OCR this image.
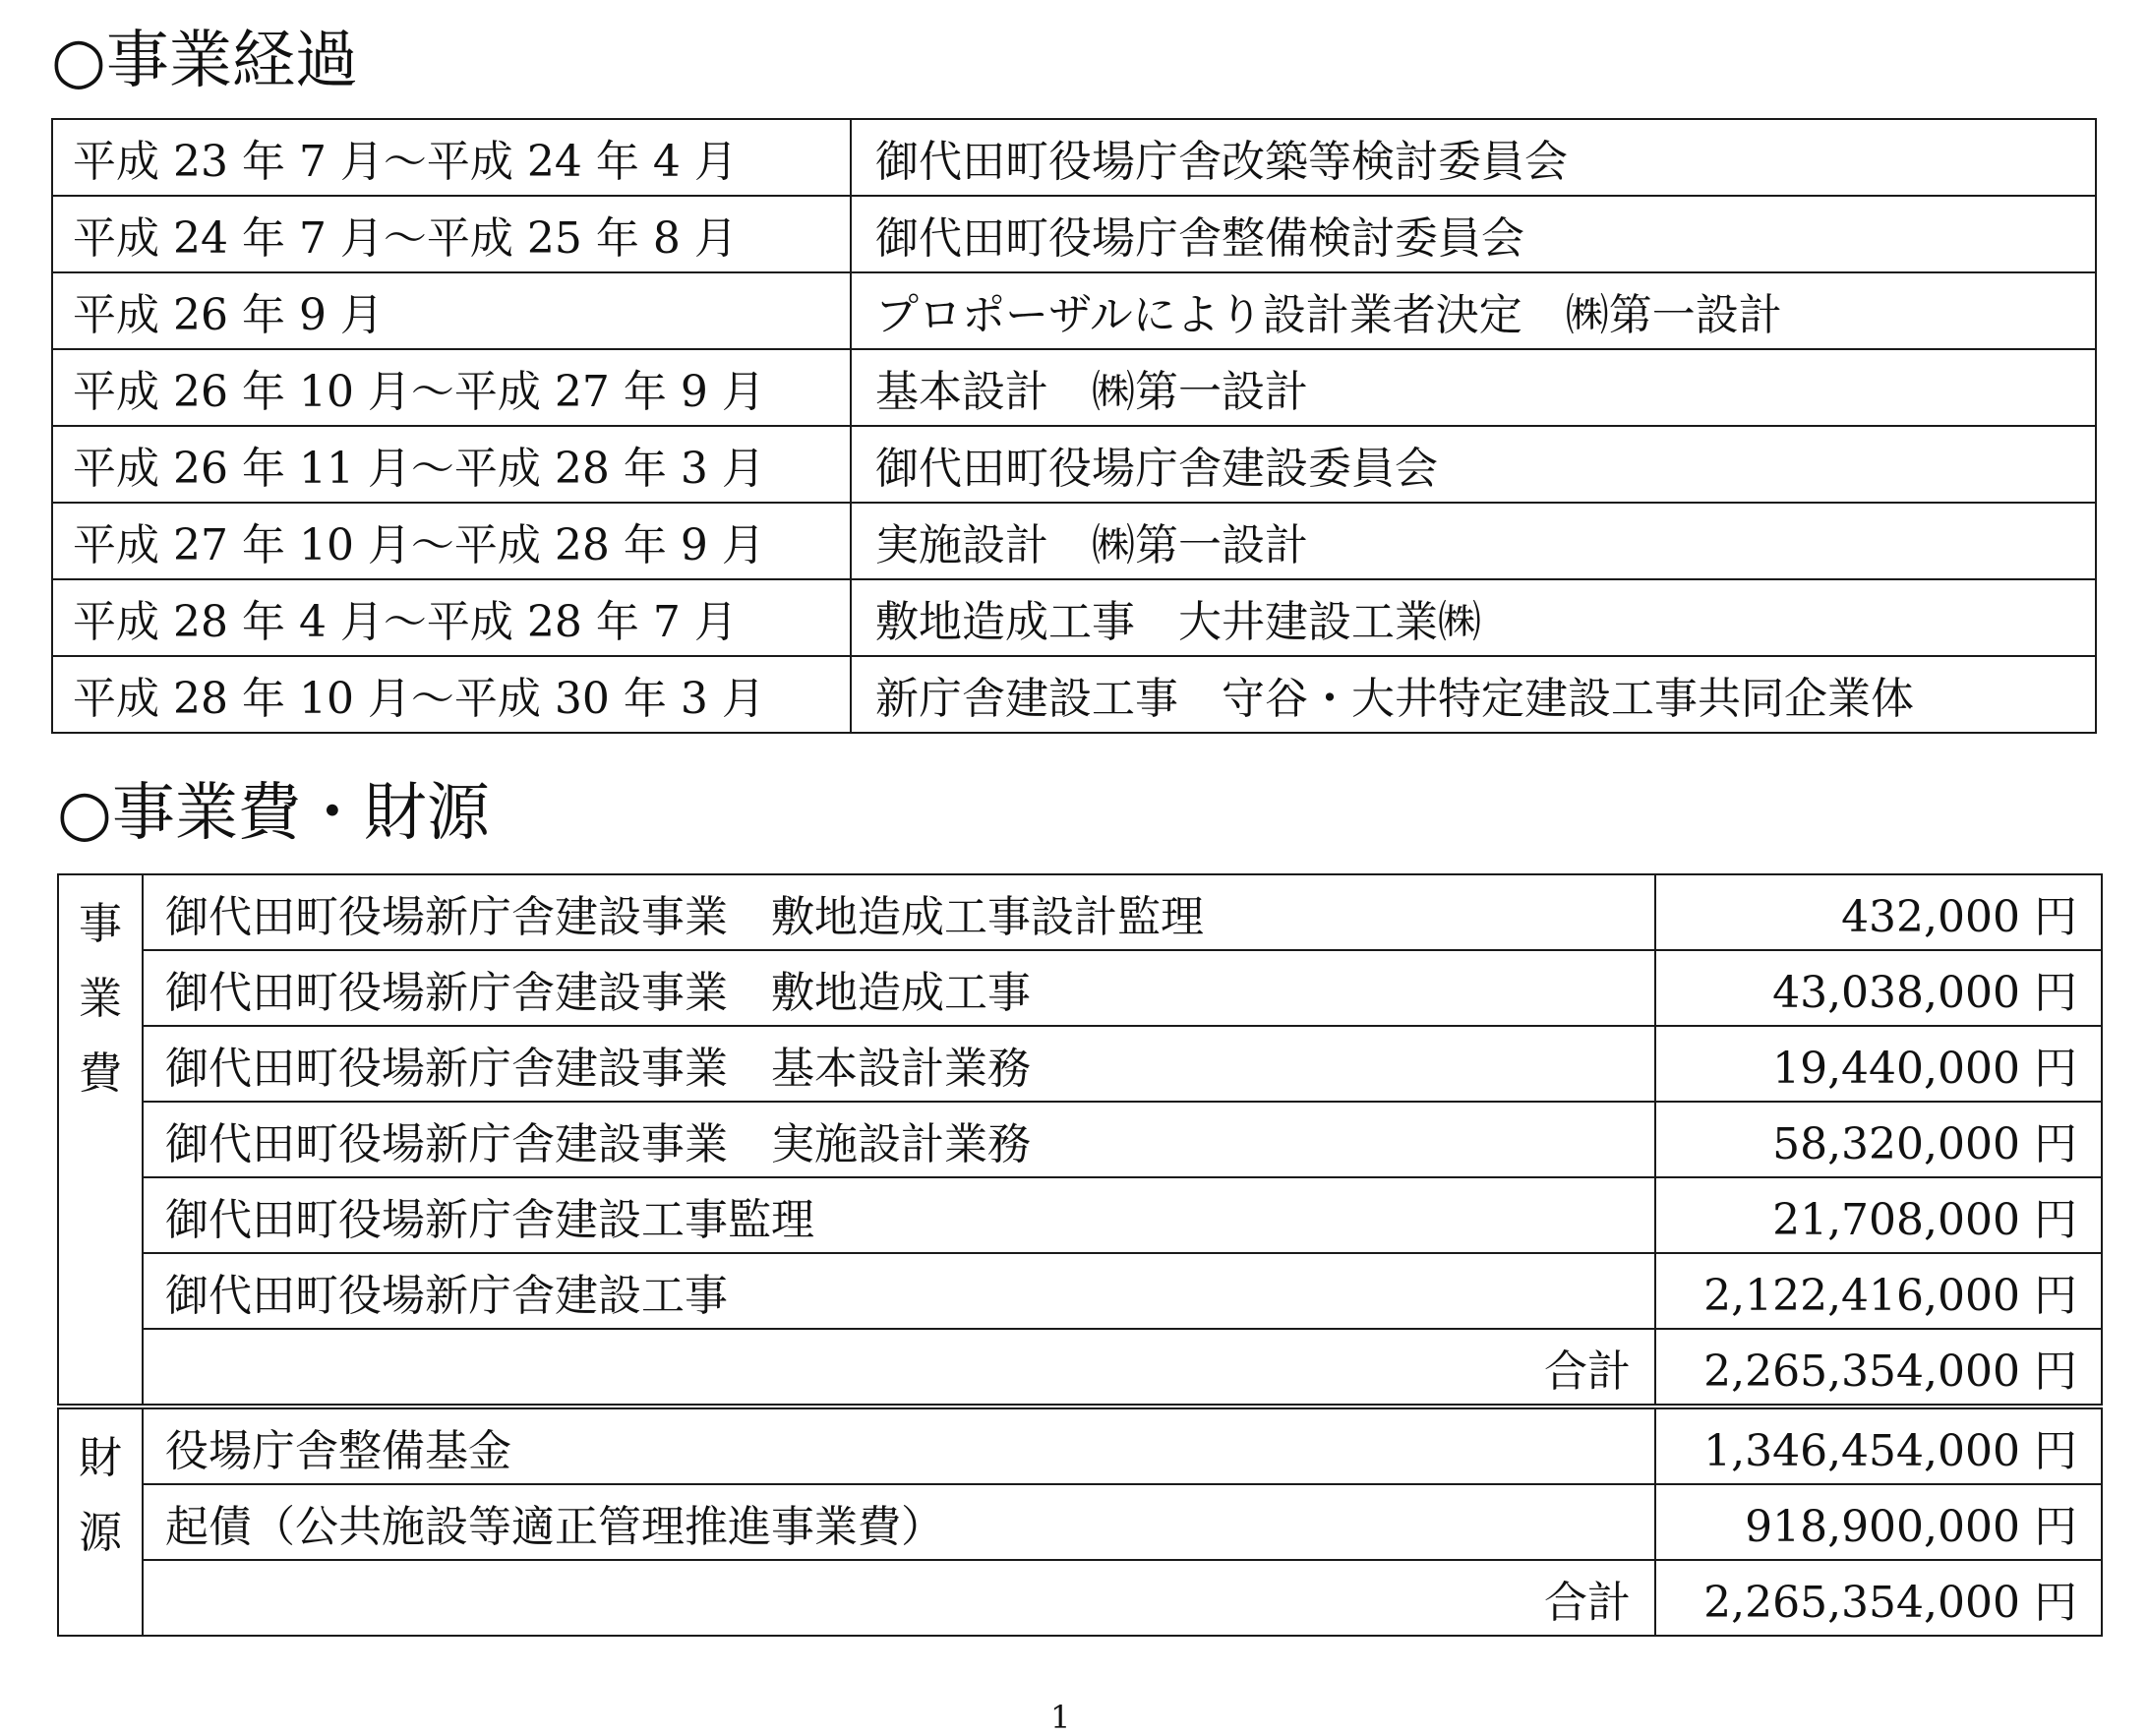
○事業経過
平成 23 年 7 月～平成 24 年 4 月	御代田町役場庁舎改築等検討委員会
平成 24 年 7 月～平成 25 年 8 月	御代田町役場庁舎整備検討委員会
平成 26 年 9 月	プロポーザルにより設計業者決定　㈱第一設計
平成 26 年 10 月～平成 27 年 9 月	基本設計　㈱第一設計
平成 26 年 11 月～平成 28 年 3 月	御代田町役場庁舎建設委員会
平成 27 年 10 月～平成 28 年 9 月	実施設計　㈱第一設計
平成 28 年 4 月～平成 28 年 7 月	敷地造成工事　大井建設工業㈱
平成 28 年 10 月～平成 30 年 3 月	新庁舎建設工事　守谷・大井特定建設工事共同企業体
○事業費・財源
事
業
費	御代田町役場新庁舎建設事業　敷地造成工事設計監理	432,000 円
	御代田町役場新庁舎建設事業　敷地造成工事	43,038,000 円
	御代田町役場新庁舎建設事業　基本設計業務	19,440,000 円
	御代田町役場新庁舎建設事業　実施設計業務	58,320,000 円
	御代田町役場新庁舎建設工事監理	21,708,000 円
	御代田町役場新庁舎建設工事	2,122,416,000 円
	合計	2,265,354,000 円

財
源	役場庁舎整備基金	1,346,454,000 円
	起債（公共施設等適正管理推進事業費）	918,900,000 円
	合計	2,265,354,000 円
1
